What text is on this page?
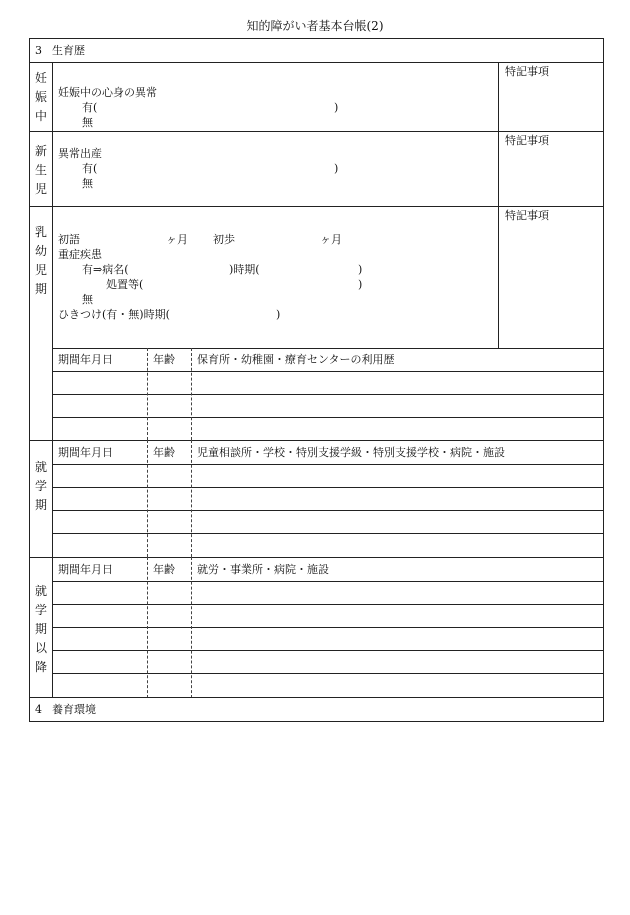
知的障がい者基本台帳(2)
3 生育歴
妊
娠
中
妊娠中の心身の異常
有(	)
無
特記事項
新
生
児
異常出産
有(	)
無
特記事項
乳
幼
児
期
特記事項
初語	ヶ月 初歩	ヶ月
重症疾患
有⇒病名(	)時期(	)
処置等(	)
無
ひきつけ(有・無)時期(	)
期間年月日	年齢 保育所・幼稚園・療育センターの利用歴
就
学
期
期間年月日	年齢 児童相談所・学校・特別支援学級・特別支援学校・病院・施設
就
学
期
以
降
期間年月日	年齢 就労・事業所・病院・施設
4 養育環境
